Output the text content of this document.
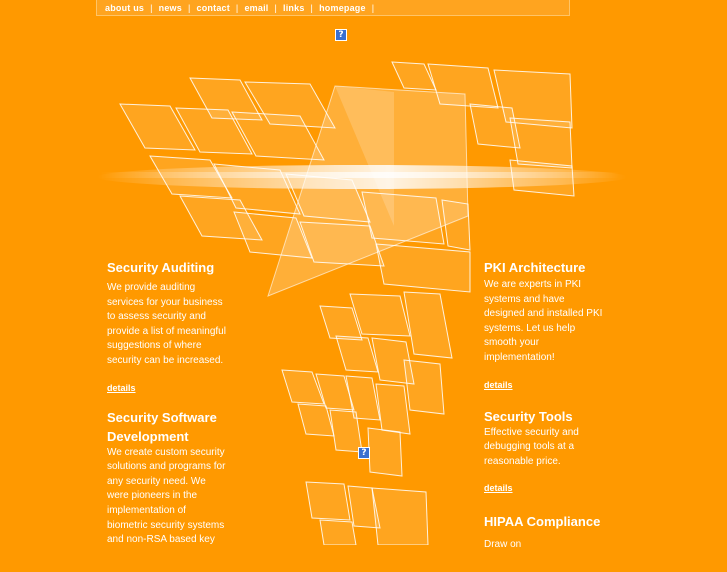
about us | news | contact | email | links | homepage |
?
?
Security Auditing

We provide auditing services for your business to assess security and provide a list of meaningful suggestions of where security can be increased.

details
Security Software Development

We create custom security solutions and programs for any security need. We were pioneers in the implementation of biometric security systems and non-RSA based key

PKI Architecture

We are experts in PKI systems and have designed and installed PKI systems. Let us help smooth your implementation!

details
Security Tools

Effective security and debugging tools at a reasonable price.

details
HIPAA Compliance Draw on
